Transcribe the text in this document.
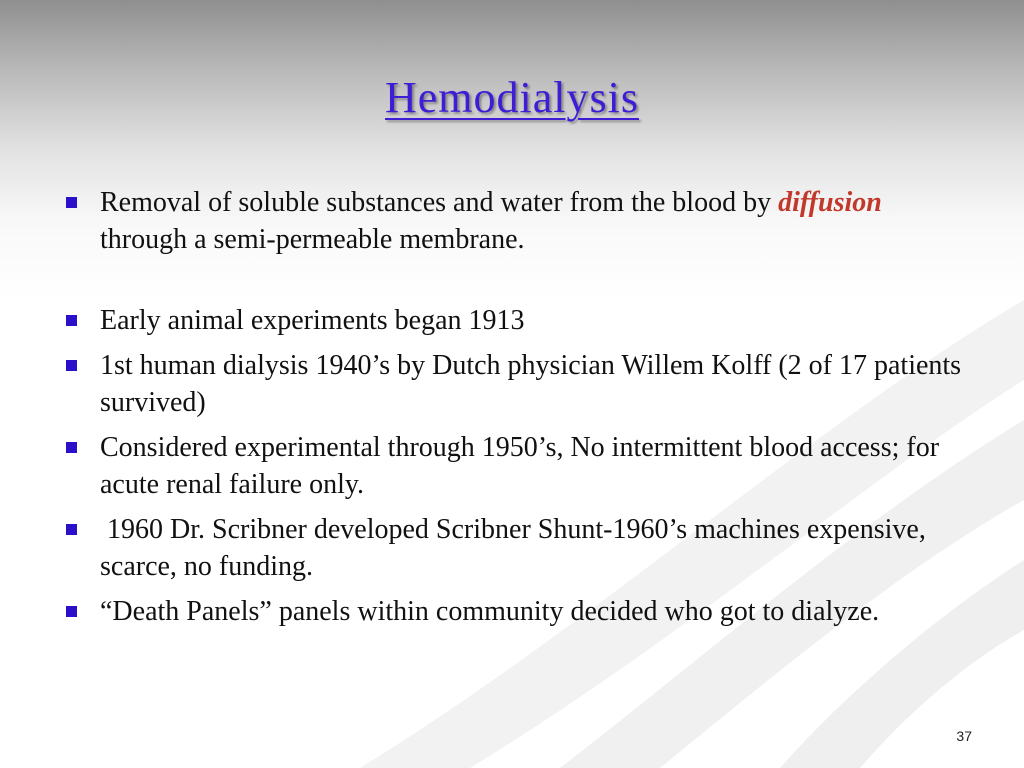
Hemodialysis
Removal of soluble substances and water from the blood by diffusion through a semi-permeable membrane.
Early animal experiments began 1913
1st human dialysis 1940’s by Dutch physician Willem Kolff (2 of 17 patients survived)
Considered experimental through 1950’s, No intermittent blood access; for acute renal failure only.
1960 Dr. Scribner developed Scribner Shunt-1960’s machines expensive, scarce, no funding.
“Death Panels” panels within community decided who got to dialyze.
37
